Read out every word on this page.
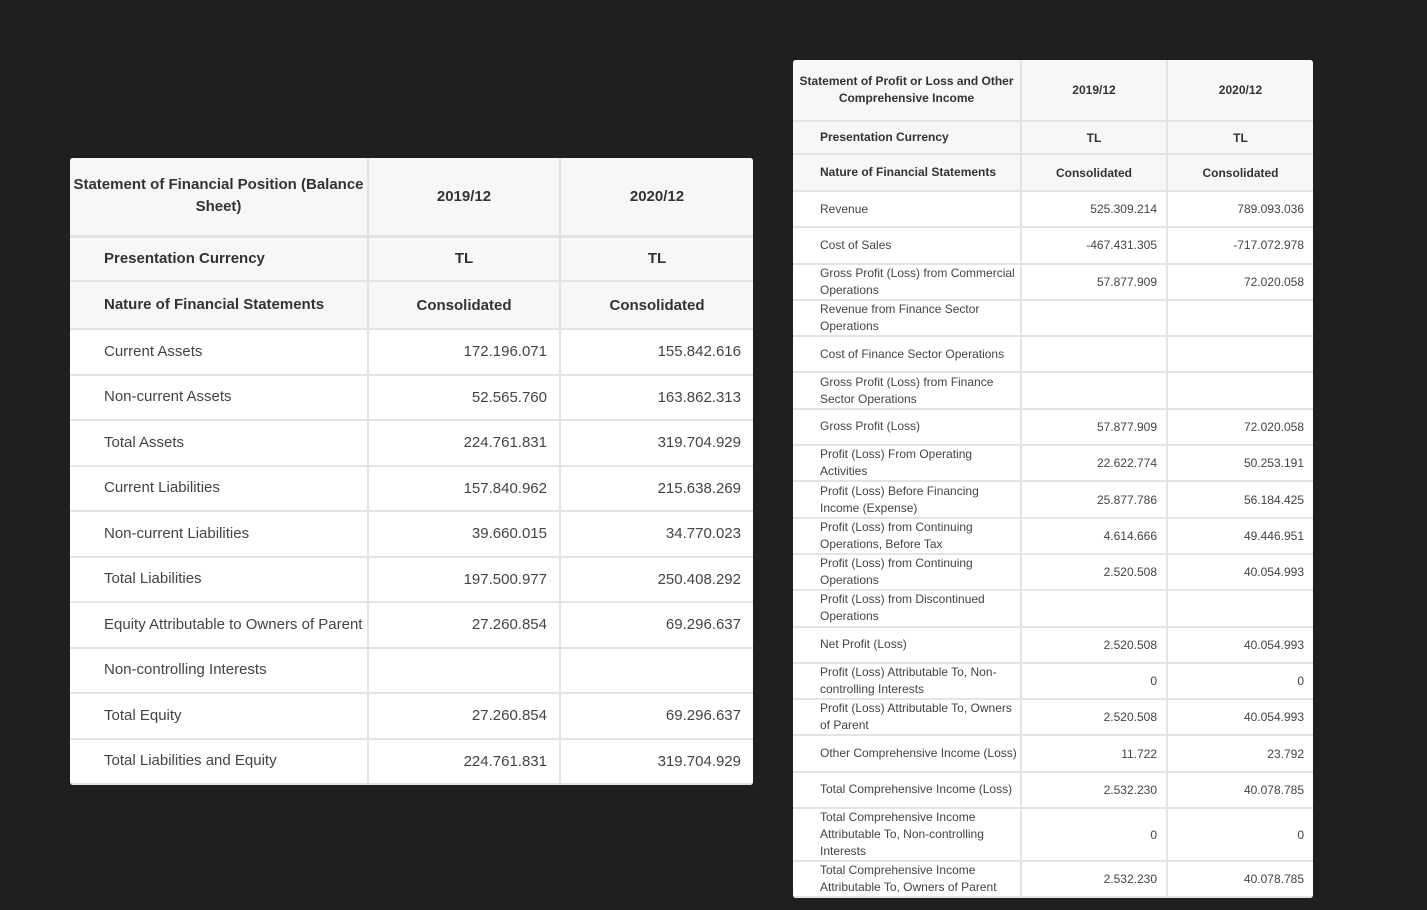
Statement of Financial Position (Balance Sheet)	2019/12	2020/12
Presentation Currency	TL	TL
Nature of Financial Statements	Consolidated	Consolidated
Current Assets	172.196.071	155.842.616
Non-current Assets	52.565.760	163.862.313
Total Assets	224.761.831	319.704.929
Current Liabilities	157.840.962	215.638.269
Non-current Liabilities	39.660.015	34.770.023
Total Liabilities	197.500.977	250.408.292
Equity Attributable to Owners of Parent	27.260.854	69.296.637
Non-controlling Interests		
Total Equity	27.260.854	69.296.637
Total Liabilities and Equity	224.761.831	319.704.929
Statement of Profit or Loss and Other Comprehensive Income	2019/12	2020/12
Presentation Currency	TL	TL
Nature of Financial Statements	Consolidated	Consolidated
Revenue	525.309.214	789.093.036
Cost of Sales	-467.431.305	-717.072.978
Gross Profit (Loss) from Commercial Operations	57.877.909	72.020.058
Revenue from Finance Sector Operations		
Cost of Finance Sector Operations		
Gross Profit (Loss) from Finance Sector Operations		
Gross Profit (Loss)	57.877.909	72.020.058
Profit (Loss) From Operating Activities	22.622.774	50.253.191
Profit (Loss) Before Financing Income (Expense)	25.877.786	56.184.425
Profit (Loss) from Continuing Operations, Before Tax	4.614.666	49.446.951
Profit (Loss) from Continuing Operations	2.520.508	40.054.993
Profit (Loss) from Discontinued Operations		
Net Profit (Loss)	2.520.508	40.054.993
Profit (Loss) Attributable To, Non-controlling Interests	0	0
Profit (Loss) Attributable To, Owners of Parent	2.520.508	40.054.993
Other Comprehensive Income (Loss)	11.722	23.792
Total Comprehensive Income (Loss)	2.532.230	40.078.785
Total Comprehensive Income Attributable To, Non-controlling Interests	0	0
Total Comprehensive Income Attributable To, Owners of Parent	2.532.230	40.078.785
